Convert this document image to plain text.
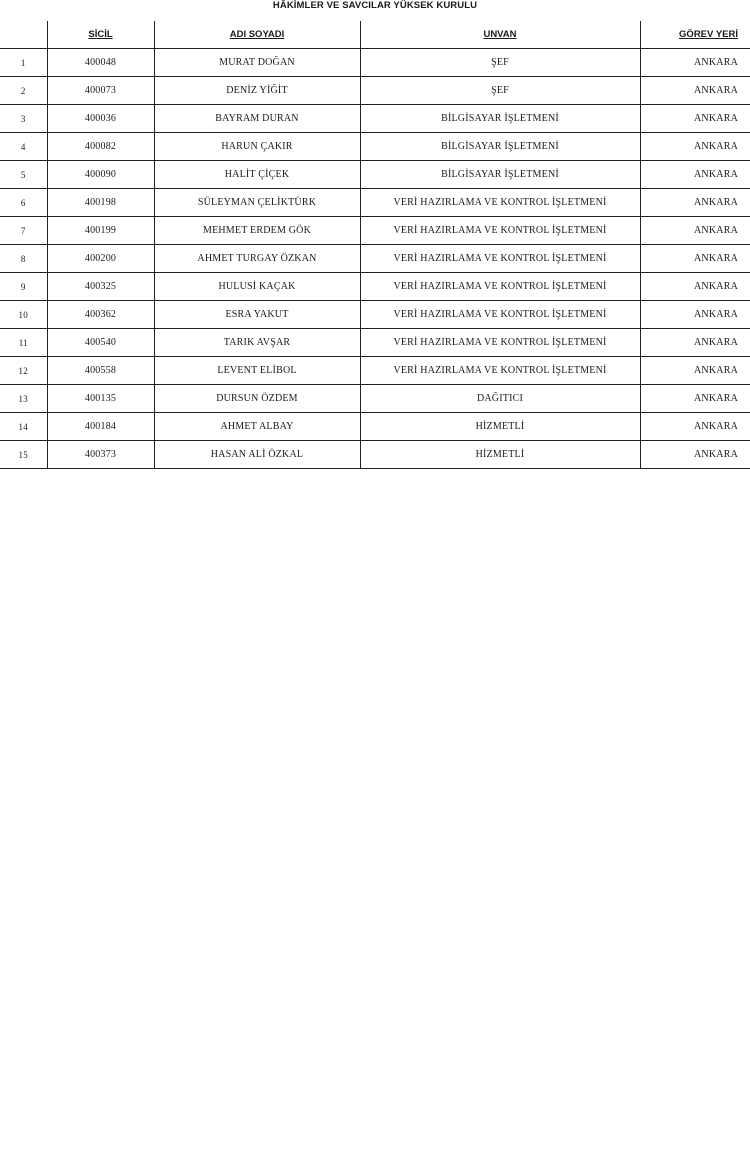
HÂKİMLER VE SAVCILAR YÜKSEK KURULU
	SİCİL	ADI SOYADI	UNVAN	GÖREV YERİ
1	400048	MURAT DOĞAN	ŞEF	ANKARA
2	400073	DENİZ YİĞİT	ŞEF	ANKARA
3	400036	BAYRAM DURAN	BİLGİSAYAR İŞLETMENİ	ANKARA
4	400082	HARUN ÇAKIR	BİLGİSAYAR İŞLETMENİ	ANKARA
5	400090	HALİT ÇİÇEK	BİLGİSAYAR İŞLETMENİ	ANKARA
6	400198	SÜLEYMAN ÇELİKTÜRK	VERİ HAZIRLAMA VE KONTROL İŞLETMENİ	ANKARA
7	400199	MEHMET ERDEM GÖK	VERİ HAZIRLAMA VE KONTROL İŞLETMENİ	ANKARA
8	400200	AHMET TURGAY ÖZKAN	VERİ HAZIRLAMA VE KONTROL İŞLETMENİ	ANKARA
9	400325	HULUSİ KAÇAK	VERİ HAZIRLAMA VE KONTROL İŞLETMENİ	ANKARA
10	400362	ESRA YAKUT	VERİ HAZIRLAMA VE KONTROL İŞLETMENİ	ANKARA
11	400540	TARIK AVŞAR	VERİ HAZIRLAMA VE KONTROL İŞLETMENİ	ANKARA
12	400558	LEVENT ELİBOL	VERİ HAZIRLAMA VE KONTROL İŞLETMENİ	ANKARA
13	400135	DURSUN ÖZDEM	DAĞITICI	ANKARA
14	400184	AHMET ALBAY	HİZMETLİ	ANKARA
15	400373	HASAN ALİ ÖZKAL	HİZMETLİ	ANKARA
